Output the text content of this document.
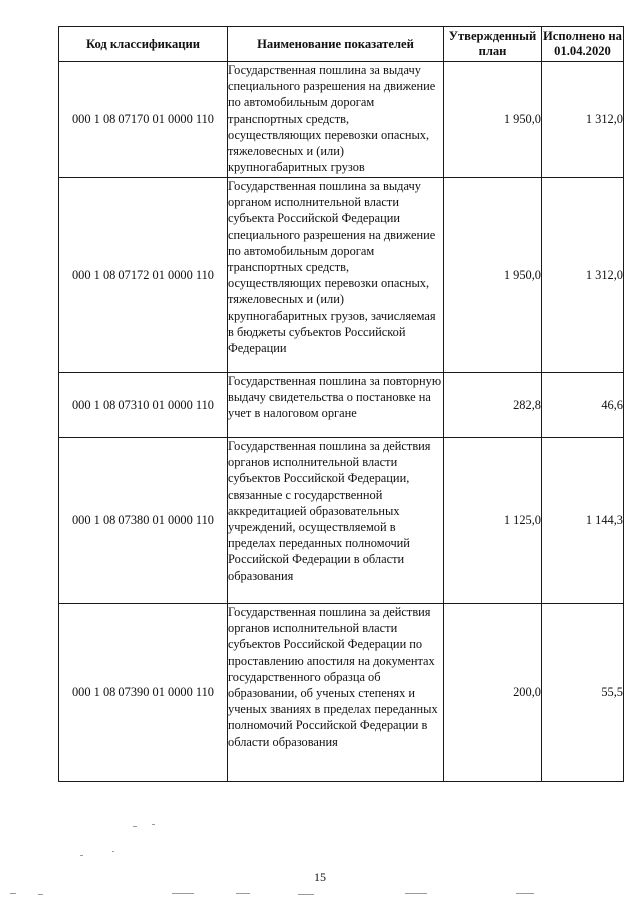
Код классификации	Наименование показателей	Утвержденный план	Исполнено на 01.04.2020
000 1 08 07170 01 0000 110	Государственная пошлина за выдачу специального разрешения на движение по автомобильным дорогам транспортных средств, осуществляющих перевозки опасных, тяжеловесных и (или) крупногабаритных грузов	1 950,0	1 312,0
000 1 08 07172 01 0000 110	Государственная пошлина за выдачу органом исполнительной власти субъекта Российской Федерации специального разрешения на движение по автомобильным дорогам транспортных средств, осуществляющих перевозки опасных, тяжеловесных и (или) крупногабаритных грузов, зачисляемая в бюджеты субъектов Российской Федерации	1 950,0	1 312,0
000 1 08 07310 01 0000 110	Государственная пошлина за повторную выдачу свидетельства о постановке на учет в налоговом органе	282,8	46,6
000 1 08 07380 01 0000 110	Государственная пошлина за действия органов исполнительной власти субъектов Российской Федерации, связанные с государственной аккредитацией образовательных учреждений, осуществляемой в пределах переданных полномочий Российской Федерации в области образования	1 125,0	1 144,3
000 1 08 07390 01 0000 110	Государственная пошлина за действия органов исполнительной власти субъектов Российской Федерации по проставлению апостиля на документах государственного образца об образовании, об ученых степенях и ученых званиях в пределах переданных полномочий Российской Федерации в области образования	200,0	55,5
15
